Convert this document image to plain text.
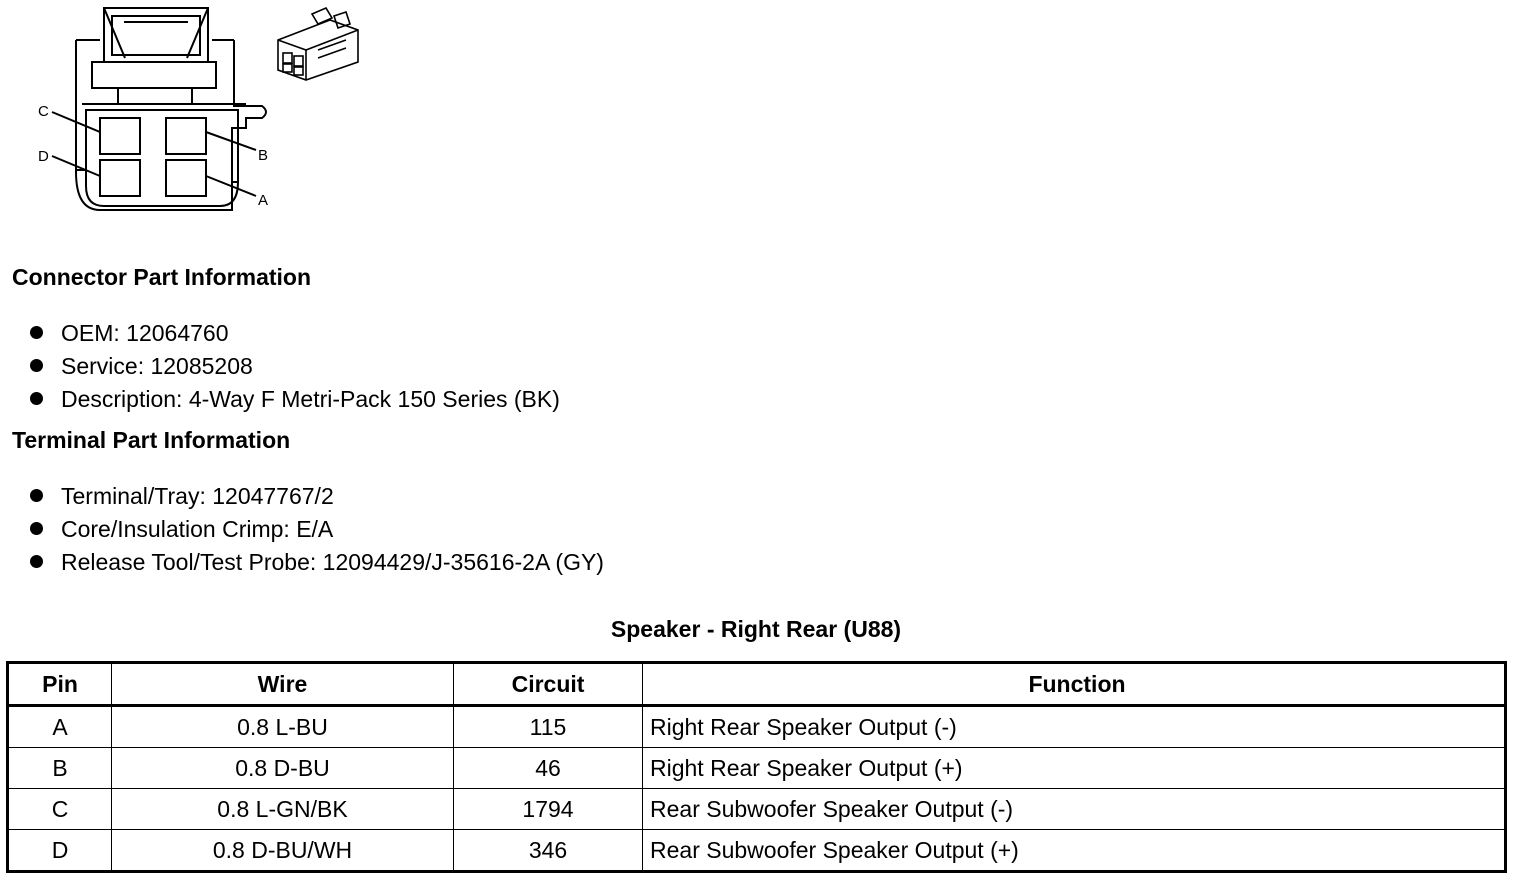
C
D	B
A
Connector Part Information
OEM: 12064760
Service: 12085208
Description: 4-Way F Metri-Pack 150 Series (BK)
Terminal Part Information
Terminal/Tray: 12047767/2
Core/Insulation Crimp: E/A
Release Tool/Test Probe: 12094429/J-35616-2A (GY)
Speaker - Right Rear (U88)
Pin	Wire	Circuit	Function
A	0.8 L-BU	115	Right Rear Speaker Output (-)
B	0.8 D-BU	46	Right Rear Speaker Output (+)
C	0.8 L-GN/BK	1794	Rear Subwoofer Speaker Output (-)
D	0.8 D-BU/WH	346	Rear Subwoofer Speaker Output (+)
